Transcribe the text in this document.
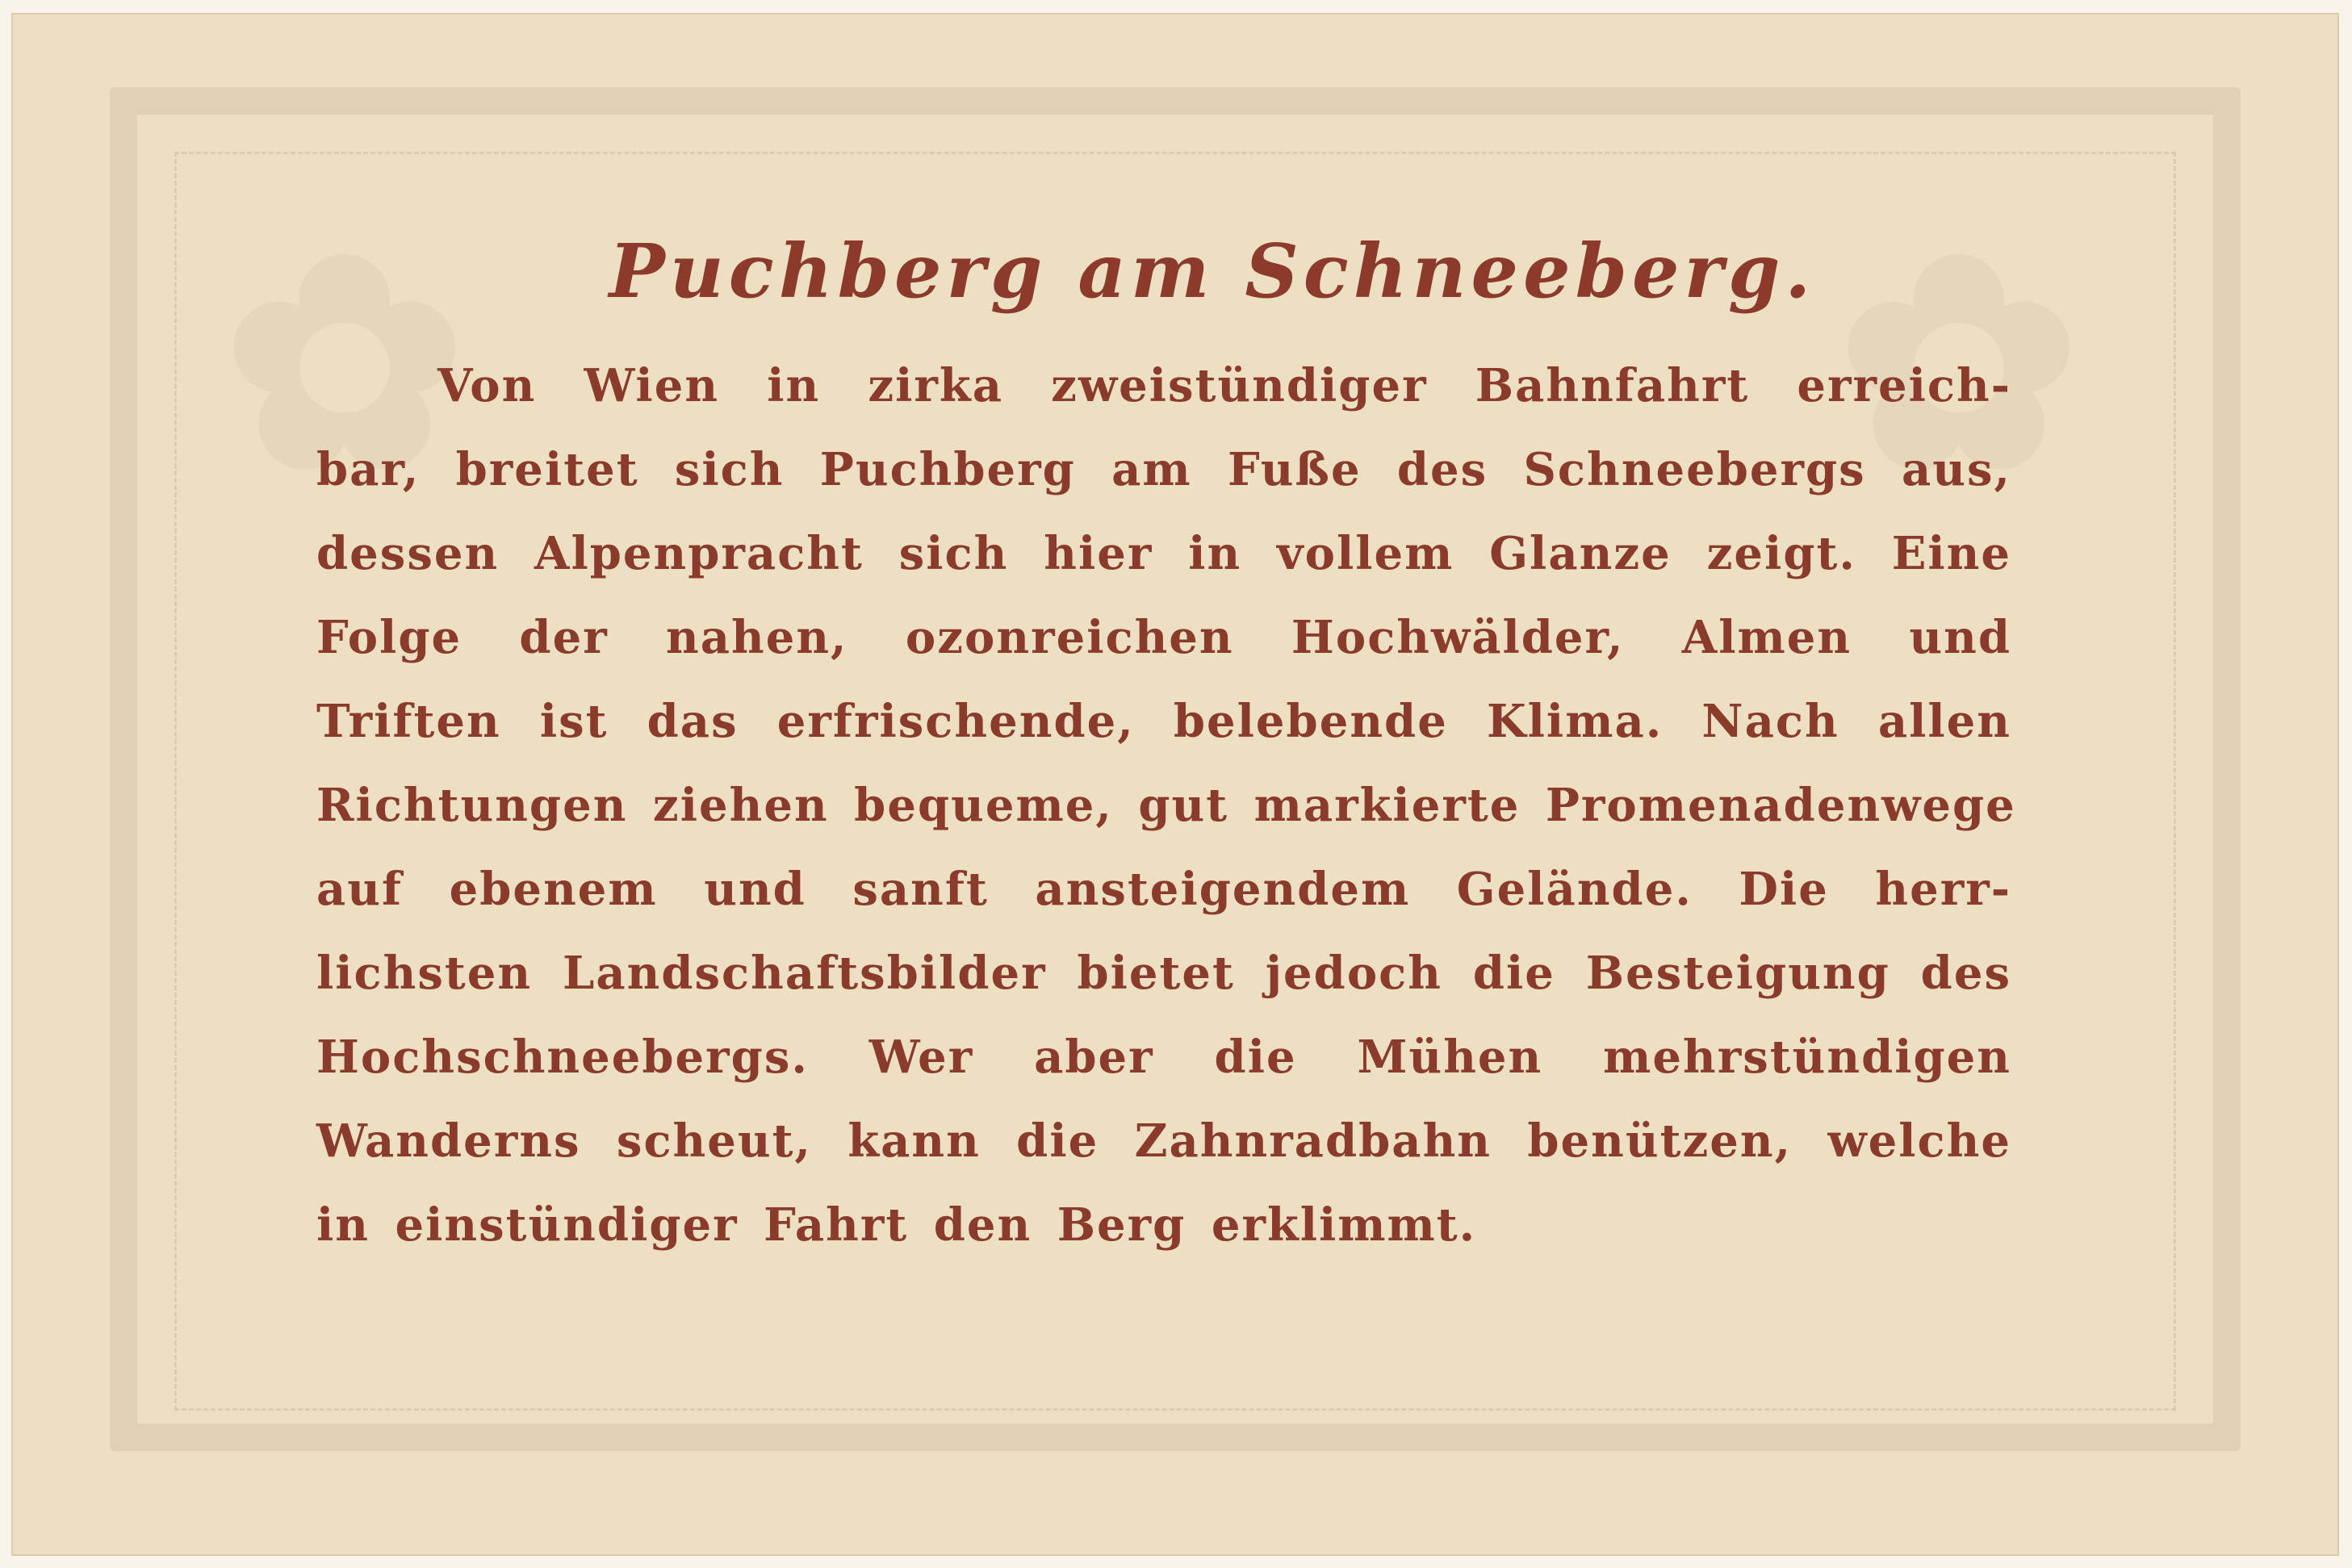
✿	✿
Puchberg am Schneeberg.
Von Wien in zirka zweistündiger Bahnfahrt erreich-
bar, breitet sich Puchberg am Fuße des Schneebergs aus,
dessen Alpenpracht sich hier in vollem Glanze zeigt. Eine
Folge der nahen, ozonreichen Hochwälder, Almen und
Triften ist das erfrischende, belebende Klima. Nach allen
Richtungen ziehen bequeme, gut markierte Promenadenwege
auf ebenem und sanft ansteigendem Gelände. Die herr-
lichsten Landschaftsbilder bietet jedoch die Besteigung des
Hochschneebergs. Wer aber die Mühen mehrstündigen
Wanderns scheut, kann die Zahnradbahn benützen, welche
in einstündiger Fahrt den Berg erklimmt.
